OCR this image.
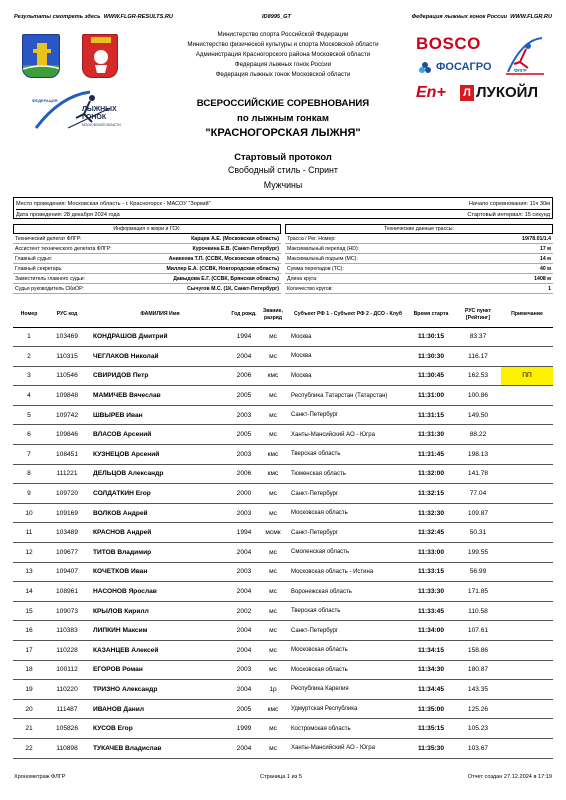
Результаты смотреть здесь WWW.FLGR-RESULTS.RU	ID8995_GT	Федерация лыжных гонок России WWW.FLGR.RU
ФЕДЕРАЦИЯ
ЛЫЖНЫХ
ГОНОК
МОСКОВСКОЙ ОБЛАСТИ
Министерство спорта Российской Федерации
Министерство физической культуры и спорта Московской области
Администрация Красногорского района Московской области
Федерация лыжных гонок России
Федерация лыжных гонок Московской области
BOSCO
ФОСАГРО
En+	Л ЛУКОЙЛ
ФЛГР
ВСЕРОССИЙСКИЕ СОРЕВНОВАНИЯ
по лыжным гонкам
"КРАСНОГОРСКАЯ ЛЫЖНЯ"
Стартовый протокол
Свободный стиль - Спринт
Мужчины
Место проведения: Московская область - г. Красногорск - МАСОУ "Зоркий"	Начало соревнования: 11ч 30м
Дата проведения: 28 декабря 2024 года	Стартовый интервал: 15 секунд
Информация о жюри и ГСК:
Технический делегат ФЛГР:	Карцев А.Е. (Московская область)
Ассистент технического делегата ФЛГР:	Курочкина Е.В. (Санкт-Петербург)
Главный судья:	Аникеева Т.П. (ССВК, Московская область)
Главный секретарь:	Миллер Е.А. (ССВК, Новгородская область)
Заместитель главного судьи:	Давыдова Е.Г. (ССВК, Брянская область)
Судья руководитель СКиОР:	Сычугов М.С. (1К, Санкт-Петербург)
Технические данные трассы:
Трасса / Рег. Номер:	19/78.01/1.4
Максимальный перепад (HD):	17 м
Максимальный подъем (MC):	14 м
Сумма перепадов (TC):	40 м
Длина круга:	1408 м
Количество кругов:	1
Номер	РУС код	ФАМИЛИЯ Имя	Год рожд.	Звание, разряд	Субъект РФ 1 - Субъект РФ 2 - ДСО - Клуб	Время старта	РУС пункт [Рейтинг]	Примечание
1	103469	КОНДРАШОВ Дмитрий	1994	мс	Москва	11:30:15	83.37	
2	110315	ЧЕГЛАКОВ Николай	2004	мс	Москва	11:30:30	116.17	
3	110546	СВИРИДОВ Петр	2006	кмс	Москва	11:30:45	162.53	ПП
4	109848	МАМИЧЕВ Вячеслав	2005	мс	Республика Татарстан (Татарстан)	11:31:00	100.86	
5	109742	ШВЫРЕВ Иван	2003	мс	Санкт-Петербург	11:31:15	149.50	
6	109846	ВЛАСОВ Арсений	2005	мс	Ханты-Мансийский АО - Югра	11:31:30	88.22	
7	108451	КУЗНЕЦОВ Арсений	2003	кмс	Тверская область	11:31:45	198.13	
8	111221	ДЕЛЬЦОВ Александр	2006	кмс	Тюменская область	11:32:00	141.78	
9	109720	СОЛДАТКИН Егор	2000	мс	Санкт-Петербург	11:32:15	77.04	
10	109169	ВОЛКОВ Андрей	2003	мс	Московская область	11:32:30	109.87	
11	103489	КРАСНОВ Андрей	1994	мсмк	Санкт-Петербург	11:32:45	50.31	
12	109677	ТИТОВ Владимир	2004	мс	Смоленская область	11:33:00	199.55	
13	109407	КОЧЕТКОВ Иван	2003	мс	Московская область - Истина	11:33:15	56.99	
14	108961	НАСОНОВ Ярослав	2004	мс	Воронежская область	11:33:30	171.85	
15	109073	КРЫЛОВ Кирилл	2002	мс	Тверская область	11:33:45	110.58	
16	110383	ЛИПКИН Максим	2004	мс	Санкт-Петербург	11:34:00	107.61	
17	110228	КАЗАНЦЕВ Алексей	2004	мс	Московская область	11:34:15	158.86	
18	100112	ЕГОРОВ Роман	2003	мс	Московская область	11:34:30	180.87	
19	110220	ТРИЗНО Александр	2004	1р	Республика Карелия	11:34:45	143.35	
20	111487	ИВАНОВ Данил	2005	кмс	Удмуртская Республика	11:35:00	125.26	
21	105826	КУСОВ Егор	1999	мс	Костромская область	11:35:15	105.23	
22	110898	ТУКАЧЕВ Владислав	2004	мс	Ханты-Мансийский АО - Югра	11:35:30	103.67	
Хронометраж ФЛГР	Страница 1 из 5	Отчет создан 27.12.2024 в 17:19
